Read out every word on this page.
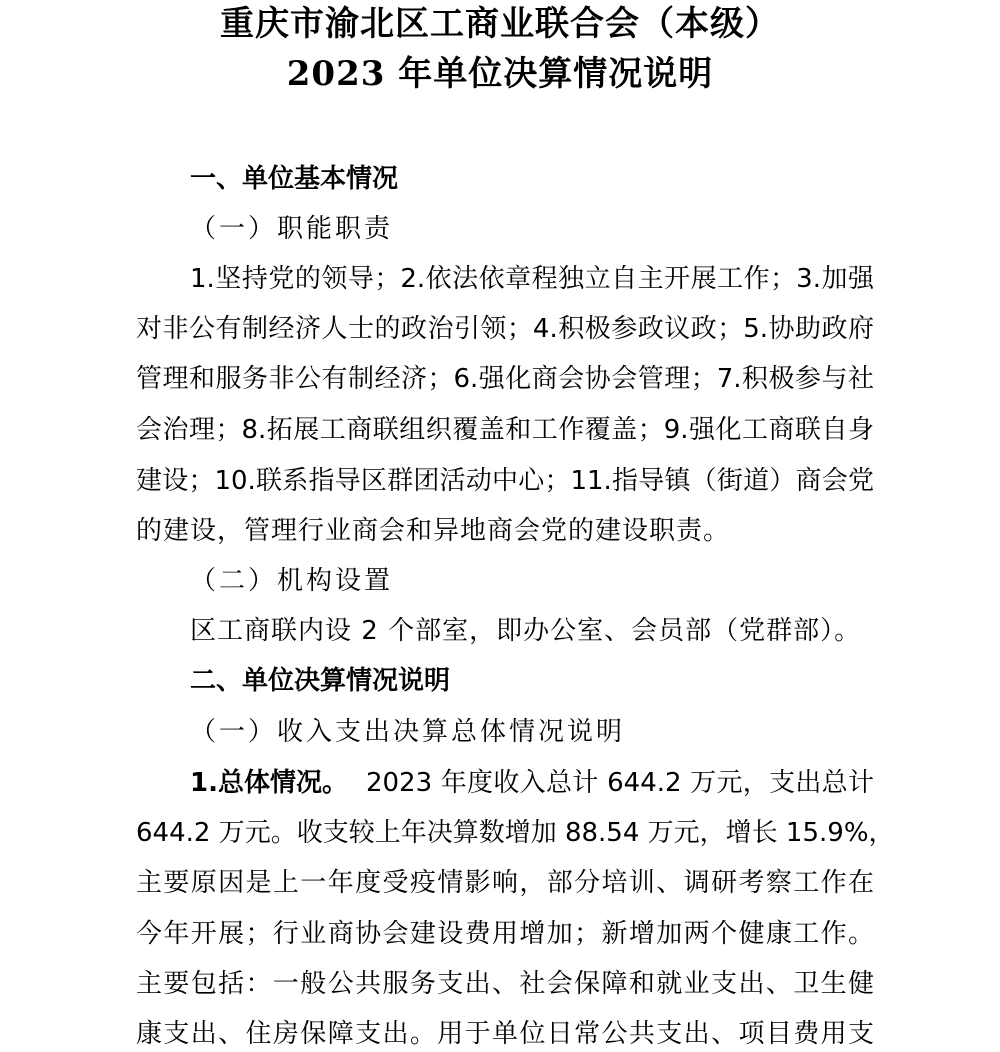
重庆市渝北区工商业联合会（本级）
2023 年单位决算情况说明
一、单位基本情况
（一）职能职责
1.坚持党的领导；2.依法依章程独立自主开展工作；3.加强
对非公有制经济人士的政治引领；4.积极参政议政；5.协助政府
管理和服务非公有制经济；6.强化商会协会管理；7.积极参与社
会治理；8.拓展工商联组织覆盖和工作覆盖；9.强化工商联自身
建设；10.联系指导区群团活动中心；11.指导镇（街道）商会党
的建设，管理行业商会和异地商会党的建设职责。
（二）机构设置
区工商联内设 2 个部室，即办公室、会员部（党群部）。
二、单位决算情况说明
（一）收入支出决算总体情况说明
1.总体情况。 2023 年度收入总计 644.2 万元，支出总计
644.2 万元。收支较上年决算数增加 88.54 万元，增长 15.9%，
主要原因是上一年度受疫情影响，部分培训、调研考察工作在
今年开展；行业商协会建设费用增加；新增加两个健康工作。
主要包括：一般公共服务支出、社会保障和就业支出、卫生健
康支出、住房保障支出。用于单位日常公共支出、项目费用支
